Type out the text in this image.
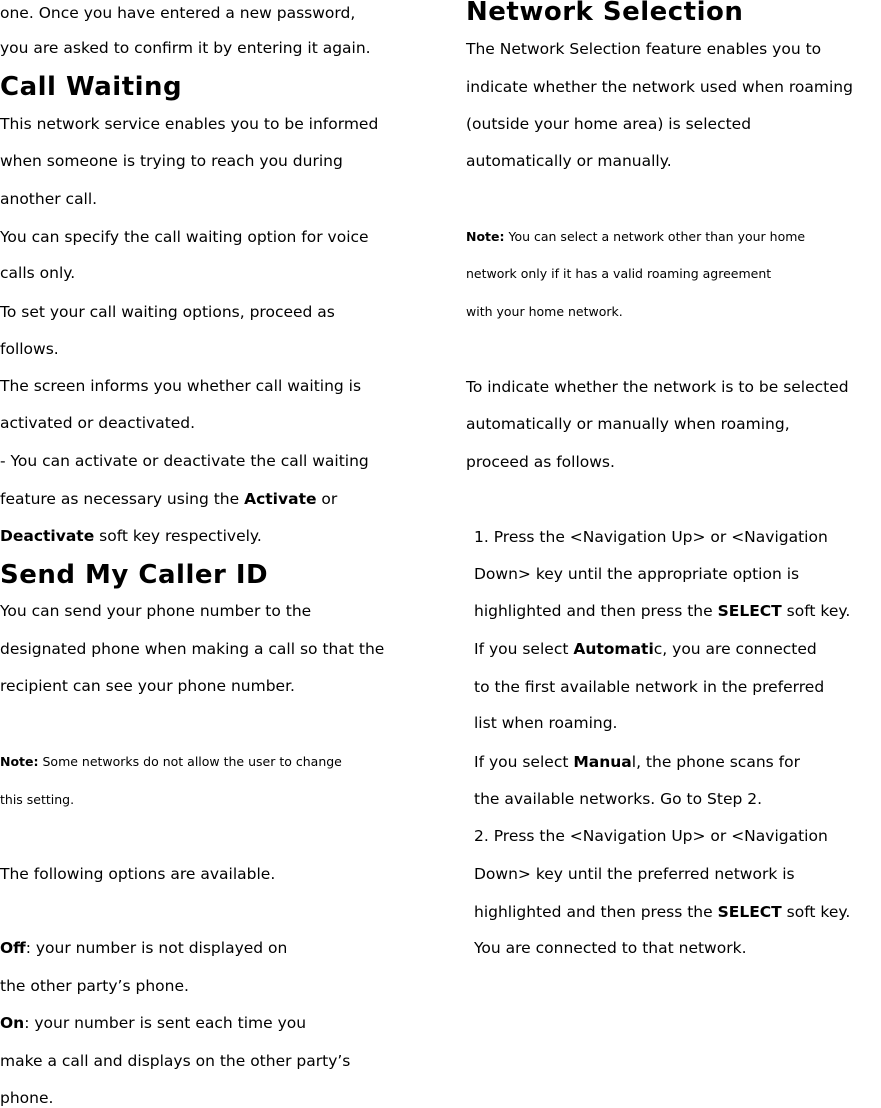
one. Once you have entered a new password,
you are asked to confirm it by entering it again.
Call Waiting
This network service enables you to be informed
when someone is trying to reach you during
another call.
You can specify the call waiting option for voice
calls only.
To set your call waiting options, proceed as
follows.
The screen informs you whether call waiting is
activated or deactivated.
- You can activate or deactivate the call waiting
feature as necessary using the Activate or
Deactivate soft key respectively.
Send My Caller ID
You can send your phone number to the
designated phone when making a call so that the
recipient can see your phone number.
Note: Some networks do not allow the user to change
this setting.
The following options are available.
Off: your number is not displayed on
the other party’s phone.
On: your number is sent each time you
make a call and displays on the other party’s
phone.
Network Selection
The Network Selection feature enables you to
indicate whether the network used when roaming
(outside your home area) is selected
automatically or manually.
Note: You can select a network other than your home
network only if it has a valid roaming agreement
with your home network.
To indicate whether the network is to be selected
automatically or manually when roaming,
proceed as follows.
1. Press the <Navigation Up> or <Navigation
Down> key until the appropriate option is
highlighted and then press the SELECT soft key.
If you select Automatic, you are connected
to the first available network in the preferred
list when roaming.
If you select Manual, the phone scans for
the available networks. Go to Step 2.
2. Press the <Navigation Up> or <Navigation
Down> key until the preferred network is
highlighted and then press the SELECT soft key.
You are connected to that network.
